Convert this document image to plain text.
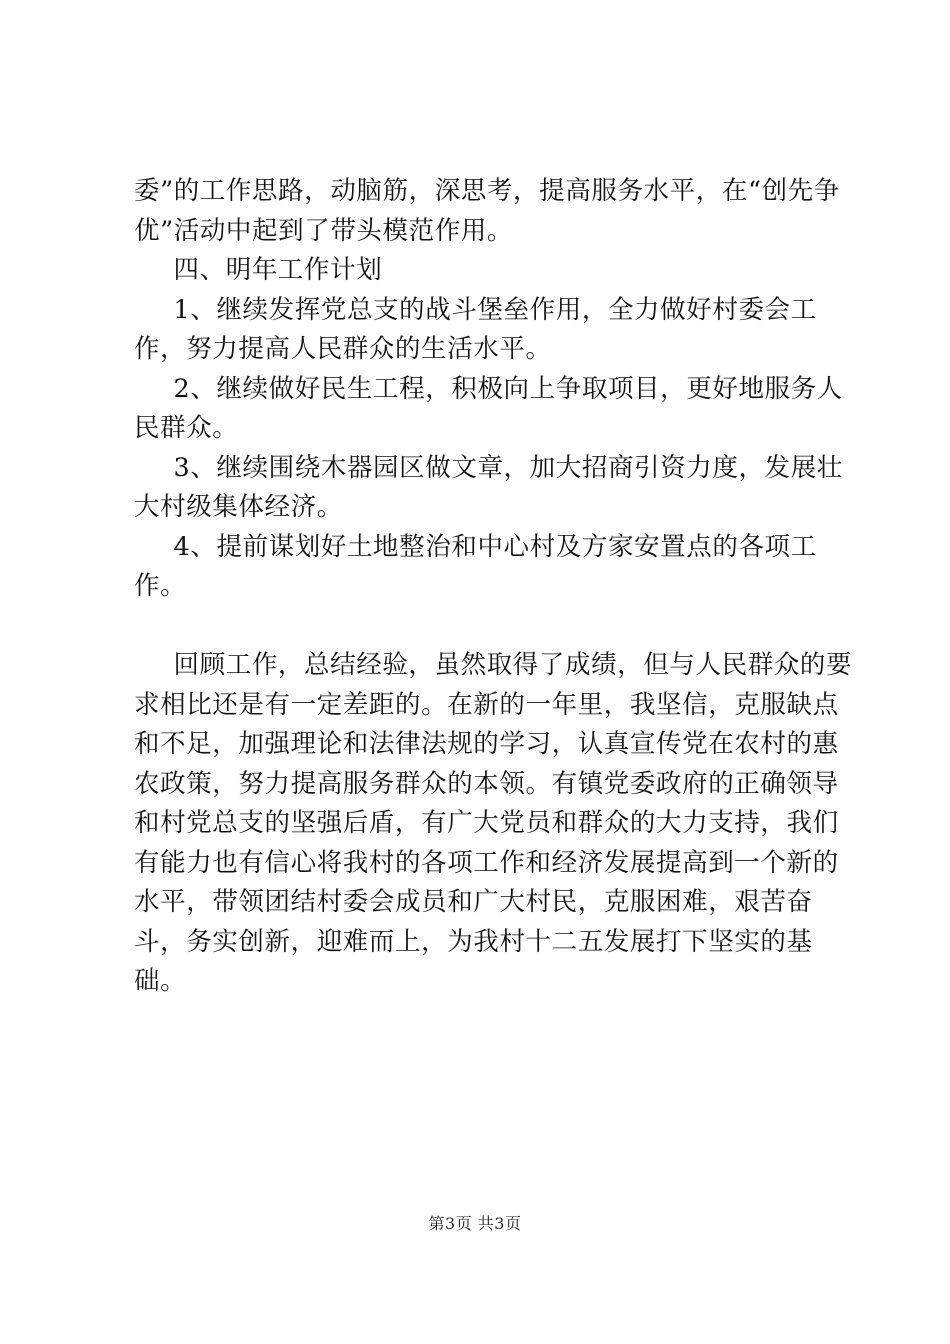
委”的工作思路，动脑筋，深思考，提高服务水平，在“创先争优”活动中起到了带头模范作用。

四、明年工作计划

1、继续发挥党总支的战斗堡垒作用，全力做好村委会工作，努力提高人民群众的生活水平。

2、继续做好民生工程，积极向上争取项目，更好地服务人民群众。

3、继续围绕木器园区做文章，加大招商引资力度，发展壮大村级集体经济。

4、提前谋划好土地整治和中心村及方家安置点的各项工作。

回顾工作，总结经验，虽然取得了成绩，但与人民群众的要求相比还是有一定差距的。在新的一年里，我坚信，克服缺点和不足，加强理论和法律法规的学习，认真宣传党在农村的惠农政策，努力提高服务群众的本领。有镇党委政府的正确领导和村党总支的坚强后盾，有广大党员和群众的大力支持，我们有能力也有信心将我村的各项工作和经济发展提高到一个新的水平，带领团结村委会成员和广大村民，克服困难，艰苦奋斗，务实创新，迎难而上，为我村十二五发展打下坚实的基础。

第3页 共3页
